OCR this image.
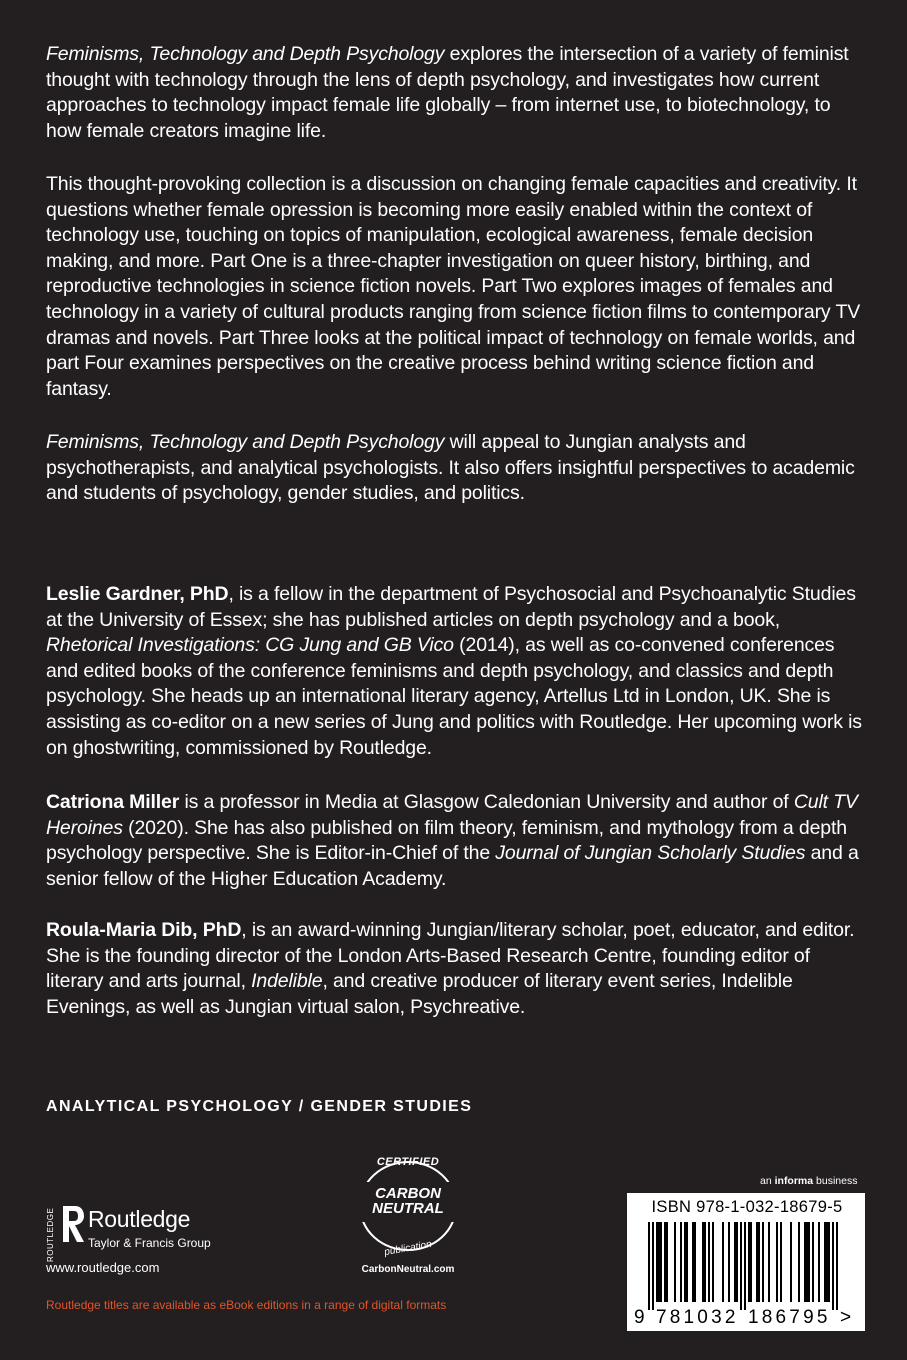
Feminisms, Technology and Depth Psychology explores the intersection of a variety of feminist thought with technology through the lens of depth psychology, and investigates how current approaches to technology impact female life globally – from internet use, to biotechnology, to how female creators imagine life.

This thought-provoking collection is a discussion on changing female capacities and creativity. It questions whether female opression is becoming more easily enabled within the context of technology use, touching on topics of manipulation, ecological awareness, female decision making, and more. Part One is a three-chapter investigation on queer history, birthing, and reproductive technologies in science fiction novels. Part Two explores images of females and technology in a variety of cultural products ranging from science fiction films to contemporary TV dramas and novels. Part Three looks at the political impact of technology on female worlds, and part Four examines perspectives on the creative process behind writing science fiction and fantasy.

Feminisms, Technology and Depth Psychology will appeal to Jungian analysts and psychotherapists, and analytical psychologists. It also offers insightful perspectives to academic and students of psychology, gender studies, and politics.

Leslie Gardner, PhD, is a fellow in the department of Psychosocial and Psychoanalytic Studies at the University of Essex; she has published articles on depth psychology and a book, Rhetorical Investigations: CG Jung and GB Vico (2014), as well as co-convened conferences and edited books of the conference feminisms and depth psychology, and classics and depth psychology. She heads up an international literary agency, Artellus Ltd in London, UK. She is assisting as co-editor on a new series of Jung and politics with Routledge. Her upcoming work is on ghostwriting, commissioned by Routledge.

Catriona Miller is a professor in Media at Glasgow Caledonian University and author of Cult TV Heroines (2020). She has also published on film theory, feminism, and mythology from a depth psychology perspective. She is Editor-in-Chief of the Journal of Jungian Scholarly Studies and a senior fellow of the Higher Education Academy.

Roula-Maria Dib, PhD, is an award-winning Jungian/literary scholar, poet, educator, and editor. She is the founding director of the London Arts-Based Research Centre, founding editor of literary and arts journal, Indelible, and creative producer of literary event series, Indelible Evenings, as well as Jungian virtual salon, Psychreative.

ANALYTICAL PSYCHOLOGY / GENDER STUDIES
ROUTLEDGE Routledge
Taylor & Francis Group
www.routledge.com
Routledge titles are available as eBook editions in a range of digital formats
CERTIFIED
CARBON
NEUTRAL
publication
CarbonNeutral.com
an informa business
ISBN 978-1-032-18679-5
9 781032 186795 >
